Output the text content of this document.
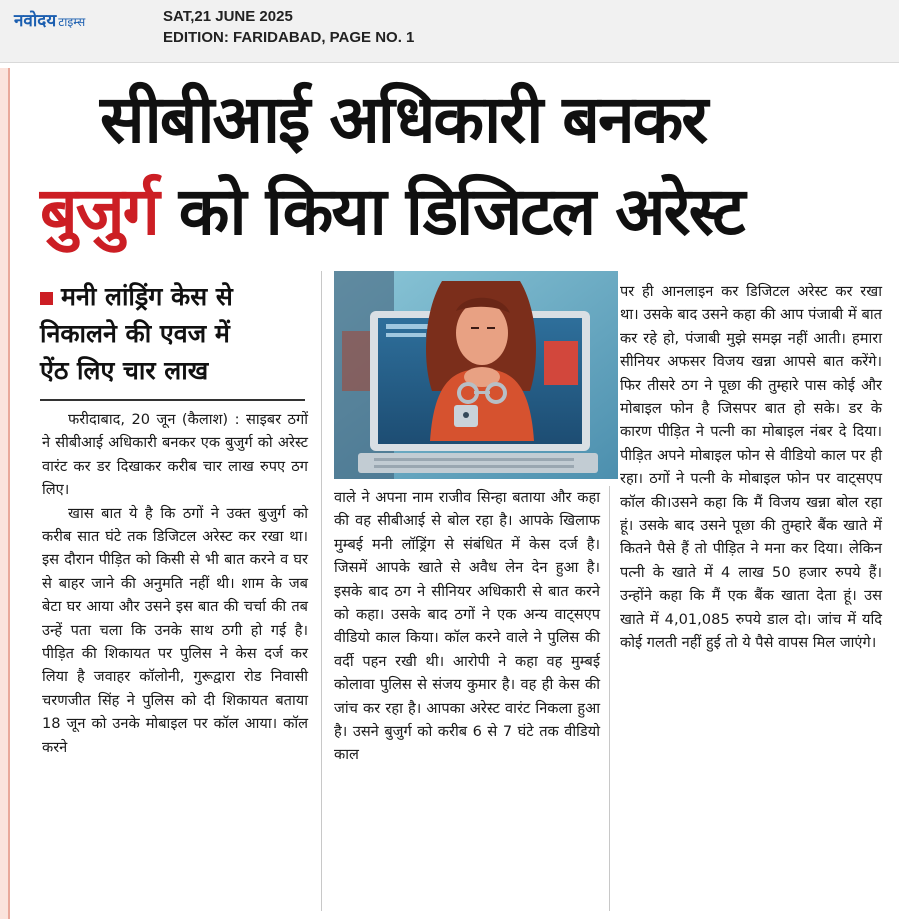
नवोदय टाइम्स	SAT,21 JUNE 2025
EDITION: FARIDABAD, PAGE NO. 1
सीबीआई अधिकारी बनकर
बुजुर्ग को किया डिजिटल अरेस्ट
मनी लांड्रिंग केस से
निकालने की एवज में
ऐंठ लिए चार लाख

फरीदाबाद, 20 जून (कैलाश) : साइबर ठगों ने सीबीआई अधिकारी बनकर एक बुजुर्ग को अरेस्ट वारंट कर डर दिखाकर करीब चार लाख रुपए ठग लिए।

खास बात ये है कि ठगों ने उक्त बुजुर्ग को करीब सात घंटे तक डिजिटल अरेस्ट कर रखा था। इस दौरान पीड़ित को किसी से भी बात करने व घर से बाहर जाने की अनुमति नहीं थी। शाम के जब बेटा घर आया और उसने इस बात की चर्चा की तब उन्हें पता चला कि उनके साथ ठगी हो गई है। पीड़ित की शिकायत पर पुलिस ने केस दर्ज कर लिया है जवाहर कॉलोनी, गुरूद्वारा रोड निवासी चरणजीत सिंह ने पुलिस को दी शिकायत बताया 18 जून को उनके मोबाइल पर कॉल आया। कॉल करने

वाले ने अपना नाम राजीव सिन्हा बताया और कहा की वह सीबीआई से बोल रहा है। आपके खिलाफ मुम्बई मनी लॉड्रिंग से संबंधित में केस दर्ज है। जिसमें आपके खाते से अवैध लेन देन हुआ है। इसके बाद ठग ने सीनियर अधिकारी से बात करने को कहा। उसके बाद ठगों ने एक अन्य वाट्सएप वीडियो काल किया। कॉल करने वाले ने पुलिस की वर्दी पहन रखी थी। आरोपी ने कहा वह मुम्बई कोलावा पुलिस से संजय कुमार है। वह ही केस की जांच कर रहा है। आपका अरेस्ट वारंट निकला हुआ है। उसने बुजुर्ग को करीब 6 से 7 घंटे तक वीडियो काल

पर ही आनलाइन कर डिजिटल अरेस्ट कर रखा था। उसके बाद उसने कहा की आप पंजाबी में बात कर रहे हो, पंजाबी मुझे समझ नहीं आती। हमारा सीनियर अफसर विजय खन्ना आपसे बात करेंगे। फिर तीसरे ठग ने पूछा की तुम्हारे पास कोई और मोबाइल फोन है जिसपर बात हो सके। डर के कारण पीड़ित ने पत्नी का मोबाइल नंबर दे दिया। पीड़ित अपने मोबाइल फोन से वीडियो काल पर ही रहा। ठगों ने पत्नी के मोबाइल फोन पर वाट्सएप कॉल की।उसने कहा कि मैं विजय खन्ना बोल रहा हूं। उसके बाद उसने पूछा की तुम्हारे बैंक खाते में कितने पैसे हैं तो पीड़ित ने मना कर दिया। लेकिन पत्नी के खाते में 4 लाख 50 हजार रुपये हैं। उन्होंने कहा कि मैं एक बैंक खाता देता हूं। उस खाते में 4,01,085 रुपये डाल दो। जांच में यदि कोई गलती नहीं हुई तो ये पैसे वापस मिल जाएंगे।
